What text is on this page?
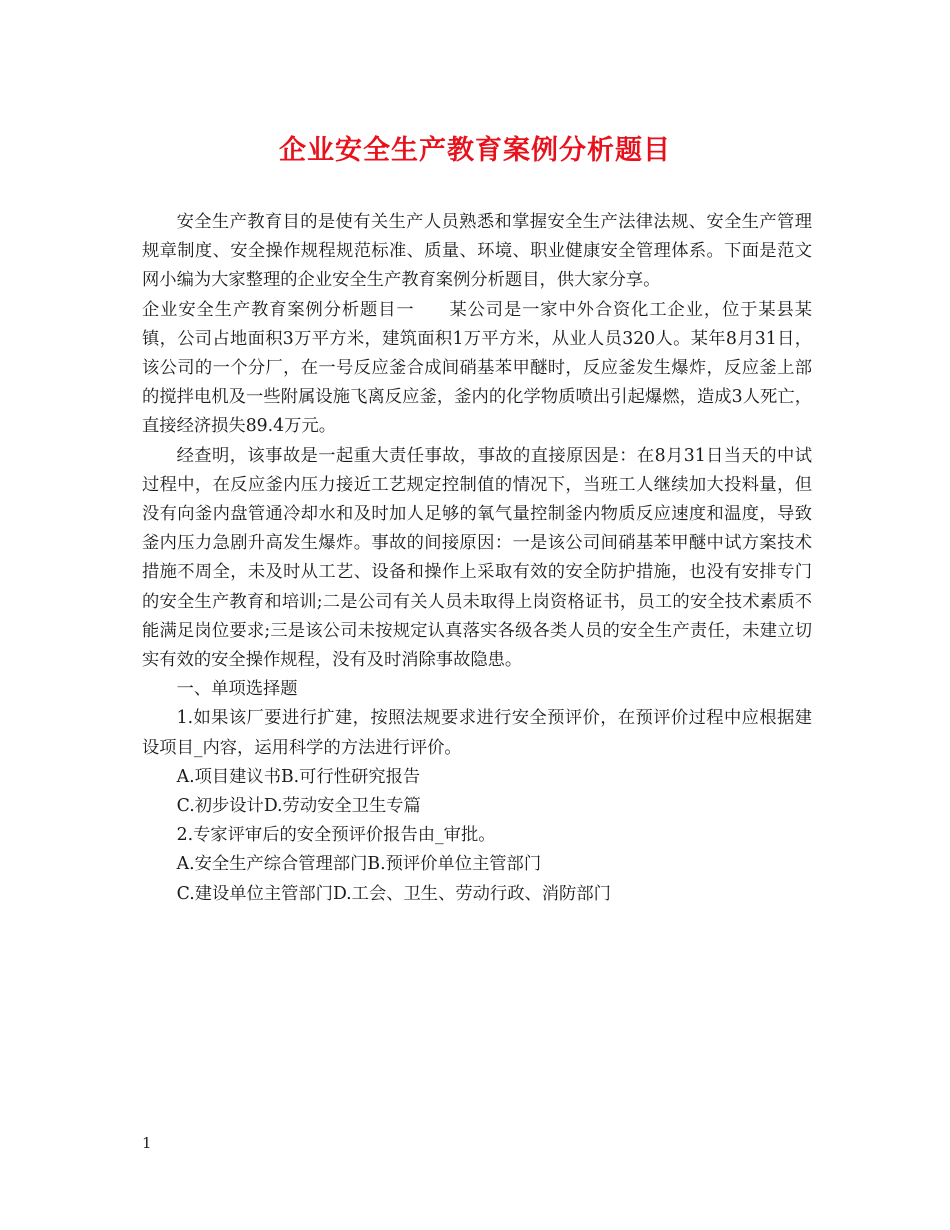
企业安全生产教育案例分析题目

安全生产教育目的是使有关生产人员熟悉和掌握安全生产法律法规、安全生产管理规章制度、安全操作规程规范标准、质量、环境、职业健康安全管理体系。下面是范文网小编为大家整理的企业安全生产教育案例分析题目，供大家分享。

企业安全生产教育案例分析题目一 某公司是一家中外合资化工企业，位于某县某镇，公司占地面积3万平方米，建筑面积1万平方米，从业人员320人。某年8月31日，该公司的一个分厂，在一号反应釜合成间硝基苯甲醚时，反应釜发生爆炸，反应釜上部的搅拌电机及一些附属设施飞离反应釜，釜内的化学物质喷出引起爆燃，造成3人死亡，直接经济损失89.4万元。

经查明，该事故是一起重大责任事故，事故的直接原因是：在8月31日当天的中试过程中，在反应釜内压力接近工艺规定控制值的情况下，当班工人继续加大投料量，但没有向釜内盘管通冷却水和及时加人足够的氧气量控制釜内物质反应速度和温度，导致釜内压力急剧升高发生爆炸。事故的间接原因：一是该公司间硝基苯甲醚中试方案技术措施不周全，未及时从工艺、设备和操作上采取有效的安全防护措施，也没有安排专门的安全生产教育和培训;二是公司有关人员未取得上岗资格证书，员工的安全技术素质不能满足岗位要求;三是该公司未按规定认真落实各级各类人员的安全生产责任，未建立切实有效的安全操作规程，没有及时消除事故隐患。

一、单项选择题

1.如果该厂要进行扩建，按照法规要求进行安全预评价，在预评价过程中应根据建设项目_内容，运用科学的方法进行评价。

A.项目建议书B.可行性研究报告

C.初步设计D.劳动安全卫生专篇

2.专家评审后的安全预评价报告由_审批。

A.安全生产综合管理部门B.预评价单位主管部门

C.建设单位主管部门D.工会、卫生、劳动行政、消防部门

1
